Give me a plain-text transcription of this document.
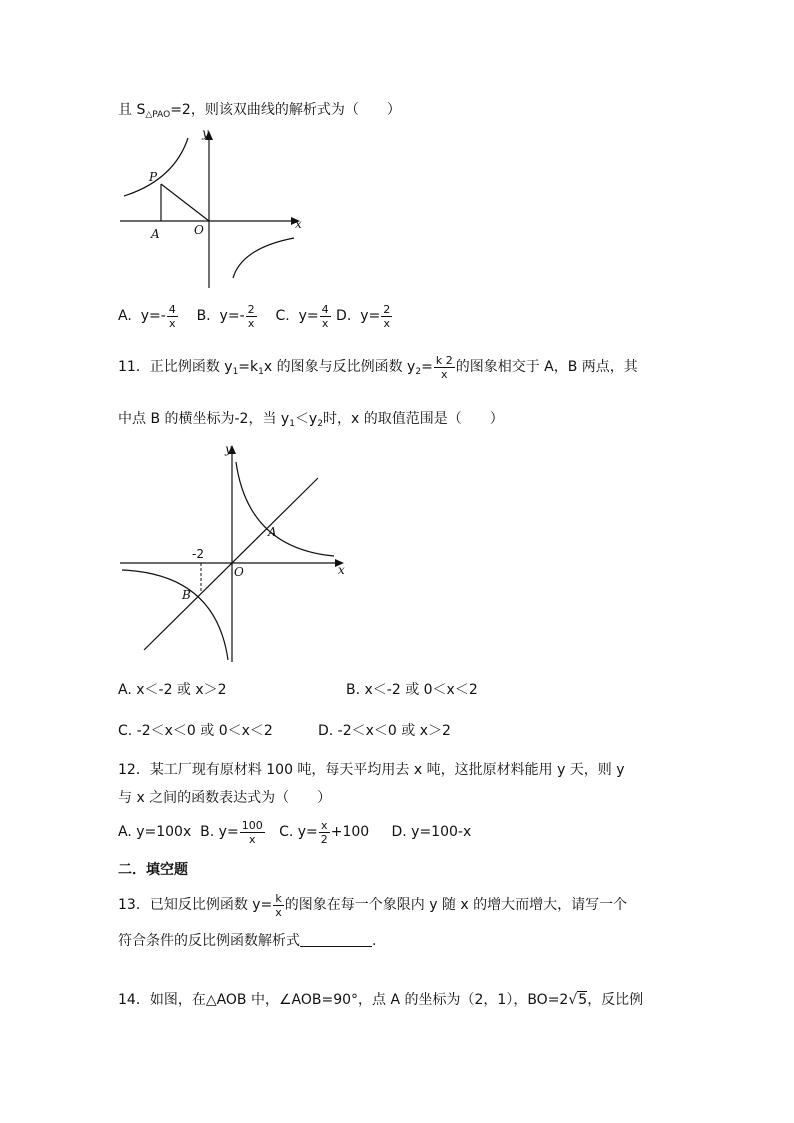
且 $S_{\triangle PAO}=2$，则该双曲线的解析式为（　　）
y
x
P
A	O
A. $y=- \frac{4}{x} B$. $y=- \frac{2}{x} C$. $y= \frac{4}{x} D$. $y= \frac{2}{x}$
11．正比例函数 $y_1=k_1x$ 的图象与反比例函数 $y_2= \frac{k 2}{x}$ 的图象相交于 A，B 两点，其
中点 B 的横坐标为-2，当 $y_1<y_2$时，x 的取值范围是（　　）
y
x
A
B
O
-2
A. x＜-2 或 x＞2	B. x＜-2 或 0＜x＜2
C. -2＜x＜0 或 0＜x＜2	D. -2＜x＜0 或 x＞2
12．某工厂现有原材料 100 吨，每天平均用去 x 吨，这批原材料能用 y 天，则 y
与 x 之间的函数表达式为（　　）
A. y=100x B. $y= \frac{100}{x} C$. $y= \frac{x}{2} +100$ D. y=100-x
二．填空题
13．已知反比例函数 $y= \frac{k}{x}$ 的图象在每一个象限内 y 随 x 的增大而增大，请写一个
符合条件的反比例函数解析式	.
14．如图，在△AOB 中，∠AOB=90°，点 A 的坐标为（2，1），BO=2√5，反比例
